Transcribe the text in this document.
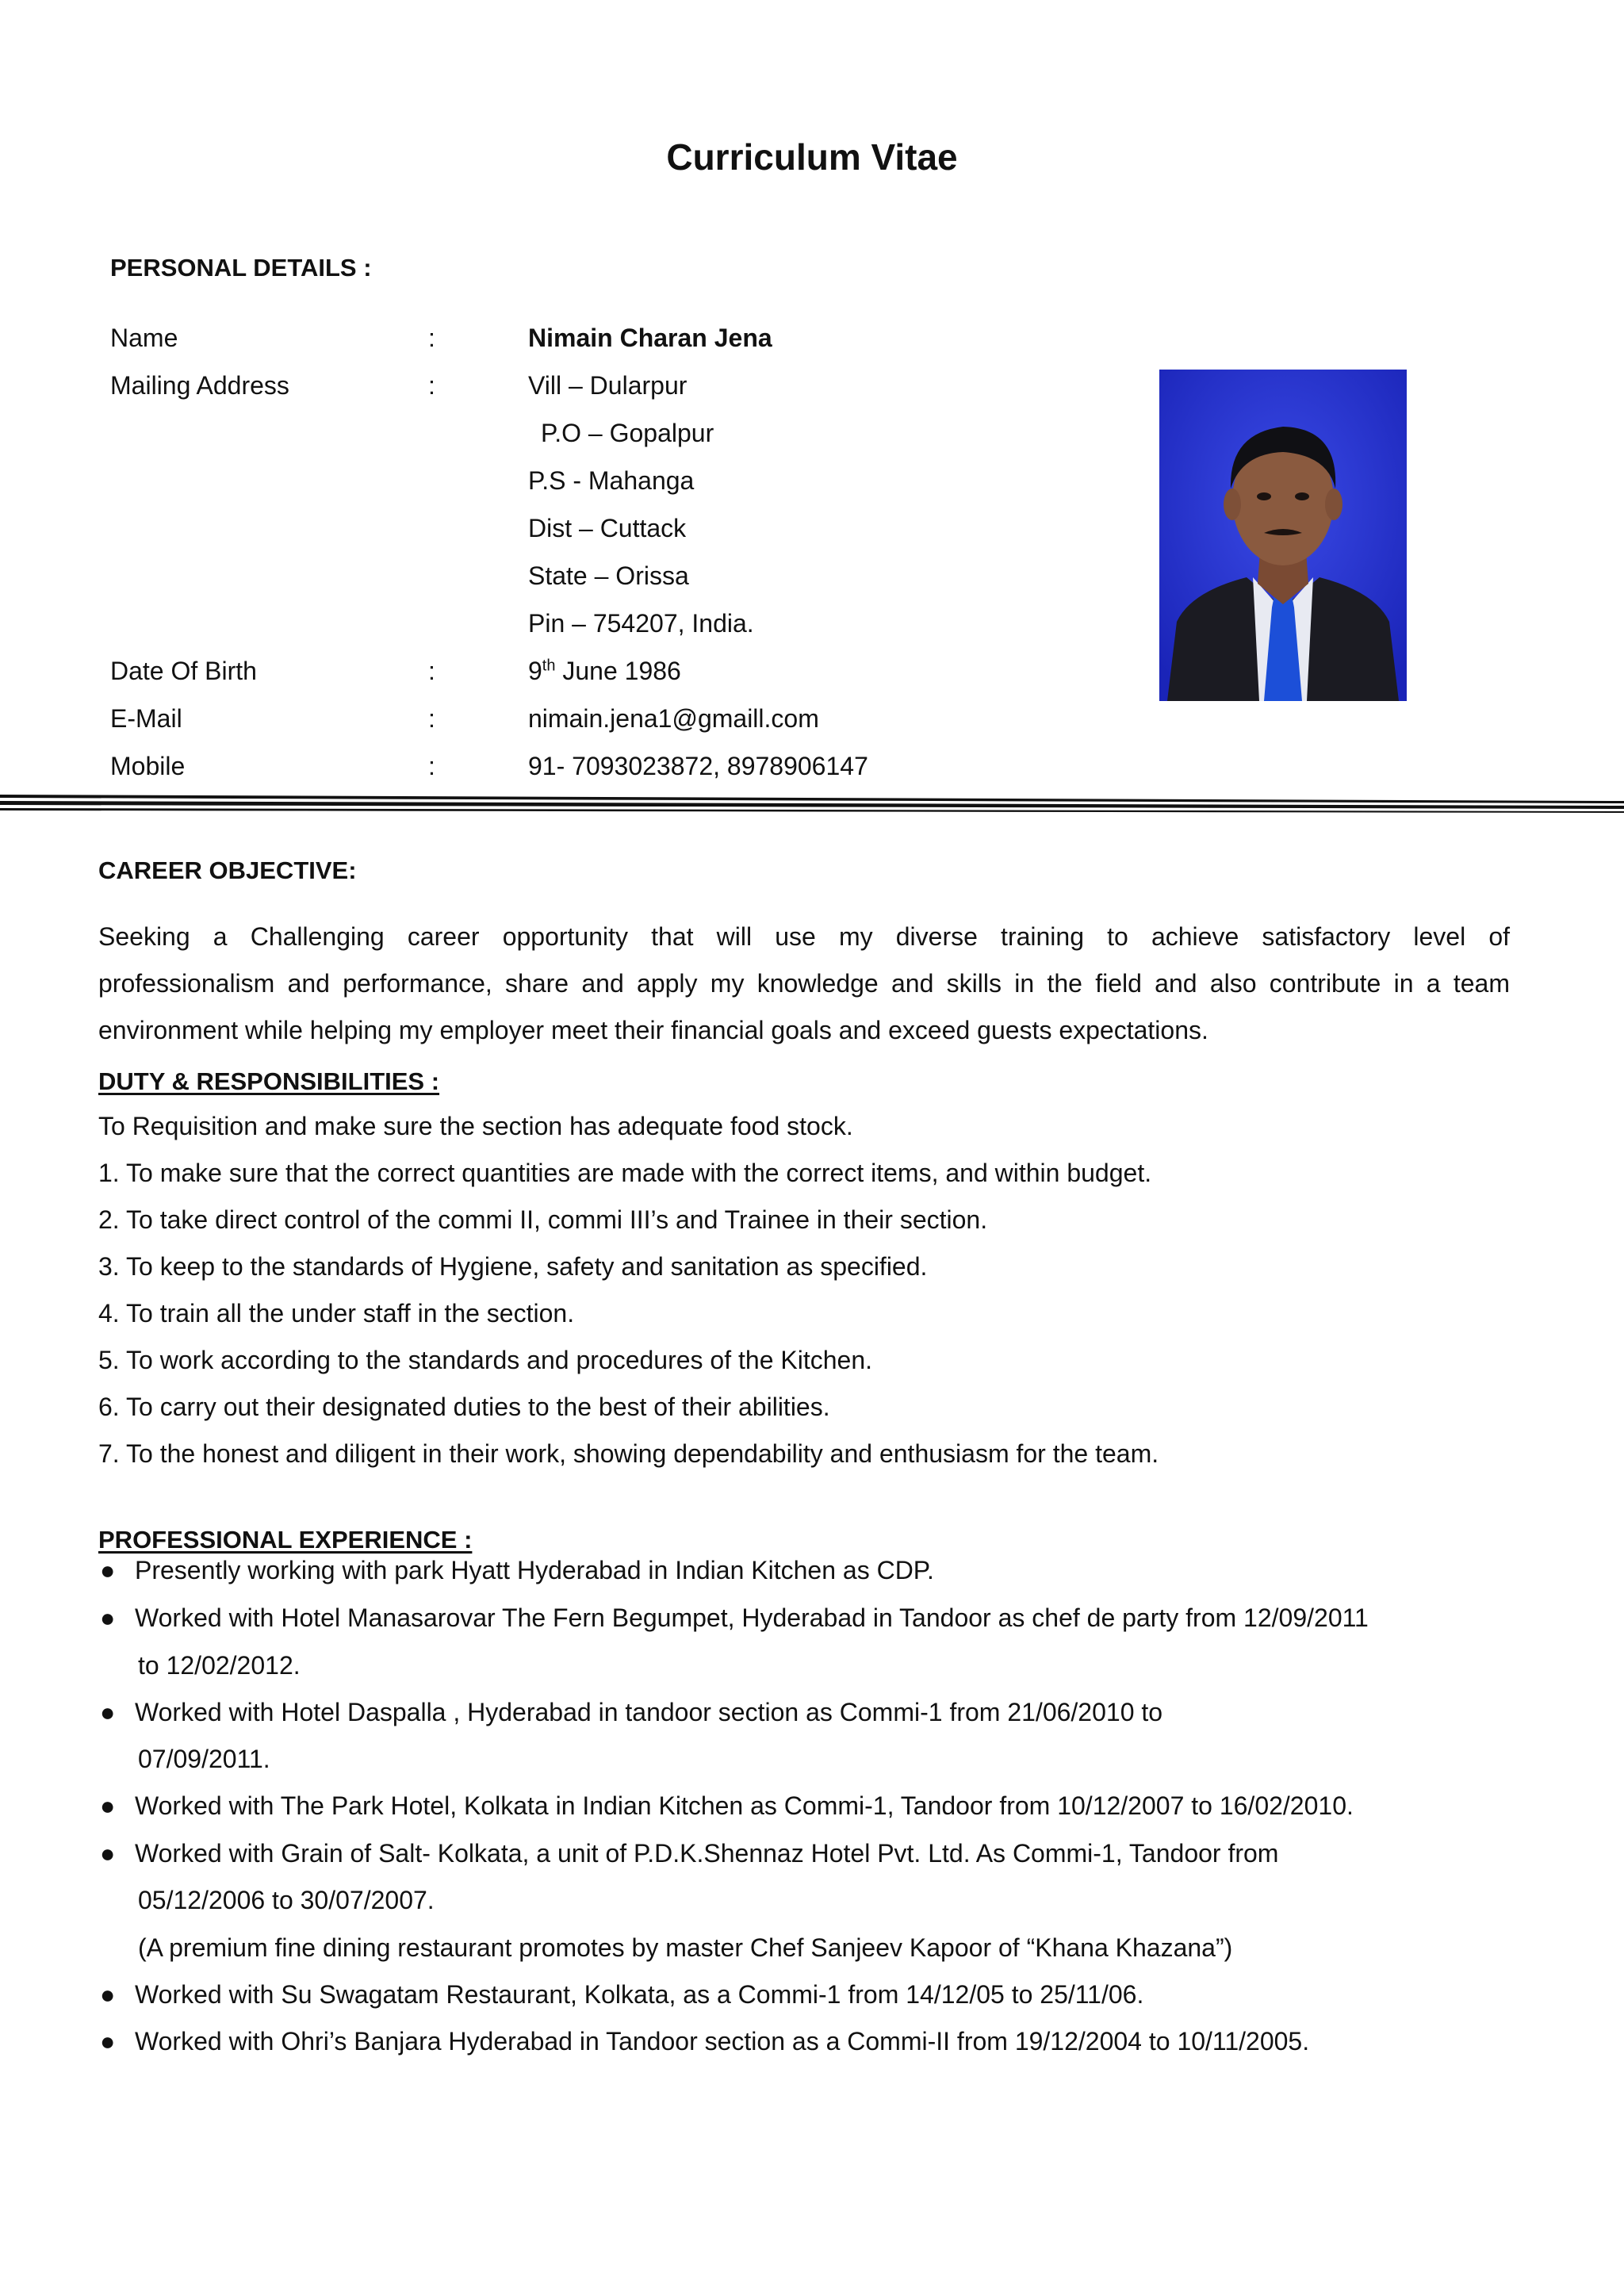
Curriculum Vitae
PERSONAL DETAILS :
Name	:	Nimain Charan Jena
Mailing Address	:	Vill – Dularpur
P.O – Gopalpur
P.S - Mahanga
Dist – Cuttack
State – Orissa
Pin – 754207, India.
Date Of Birth	:	9th June 1986
E-Mail	:	nimain.jena1@gmaill.com
Mobile	:	91- 7093023872, 8978906147
CAREER OBJECTIVE:
Seeking a Challenging career opportunity that will use my diverse training to achieve satisfactory level of
professionalism and performance, share and apply my knowledge and skills in the field and also contribute in a team
environment while helping my employer meet their financial goals and exceed guests expectations.
DUTY & RESPONSIBILITIES :
To Requisition and make sure the section has adequate food stock.
1. To make sure that the correct quantities are made with the correct items, and within budget.
2. To take direct control of the commi II, commi III’s and Trainee in their section.
3. To keep to the standards of Hygiene, safety and sanitation as specified.
4. To train all the under staff in the section.
5. To work according to the standards and procedures of the Kitchen.
6. To carry out their designated duties to the best of their abilities.
7. To the honest and diligent in their work, showing dependability and enthusiasm for the team.
PROFESSIONAL EXPERIENCE :
● Presently working with park Hyatt Hyderabad in Indian Kitchen as CDP.
● Worked with Hotel Manasarovar The Fern Begumpet, Hyderabad in Tandoor as chef de party from 12/09/2011
to 12/02/2012.
● Worked with Hotel Daspalla , Hyderabad in tandoor section as Commi-1 from 21/06/2010 to
07/09/2011.
● Worked with The Park Hotel, Kolkata in Indian Kitchen as Commi-1, Tandoor from 10/12/2007 to 16/02/2010.
● Worked with Grain of Salt- Kolkata, a unit of P.D.K.Shennaz Hotel Pvt. Ltd. As Commi-1, Tandoor from
05/12/2006 to 30/07/2007.
(A premium fine dining restaurant promotes by master Chef Sanjeev Kapoor of “Khana Khazana”)
● Worked with Su Swagatam Restaurant, Kolkata, as a Commi-1 from 14/12/05 to 25/11/06.
● Worked with Ohri’s Banjara Hyderabad in Tandoor section as a Commi-II from 19/12/2004 to 10/11/2005.
